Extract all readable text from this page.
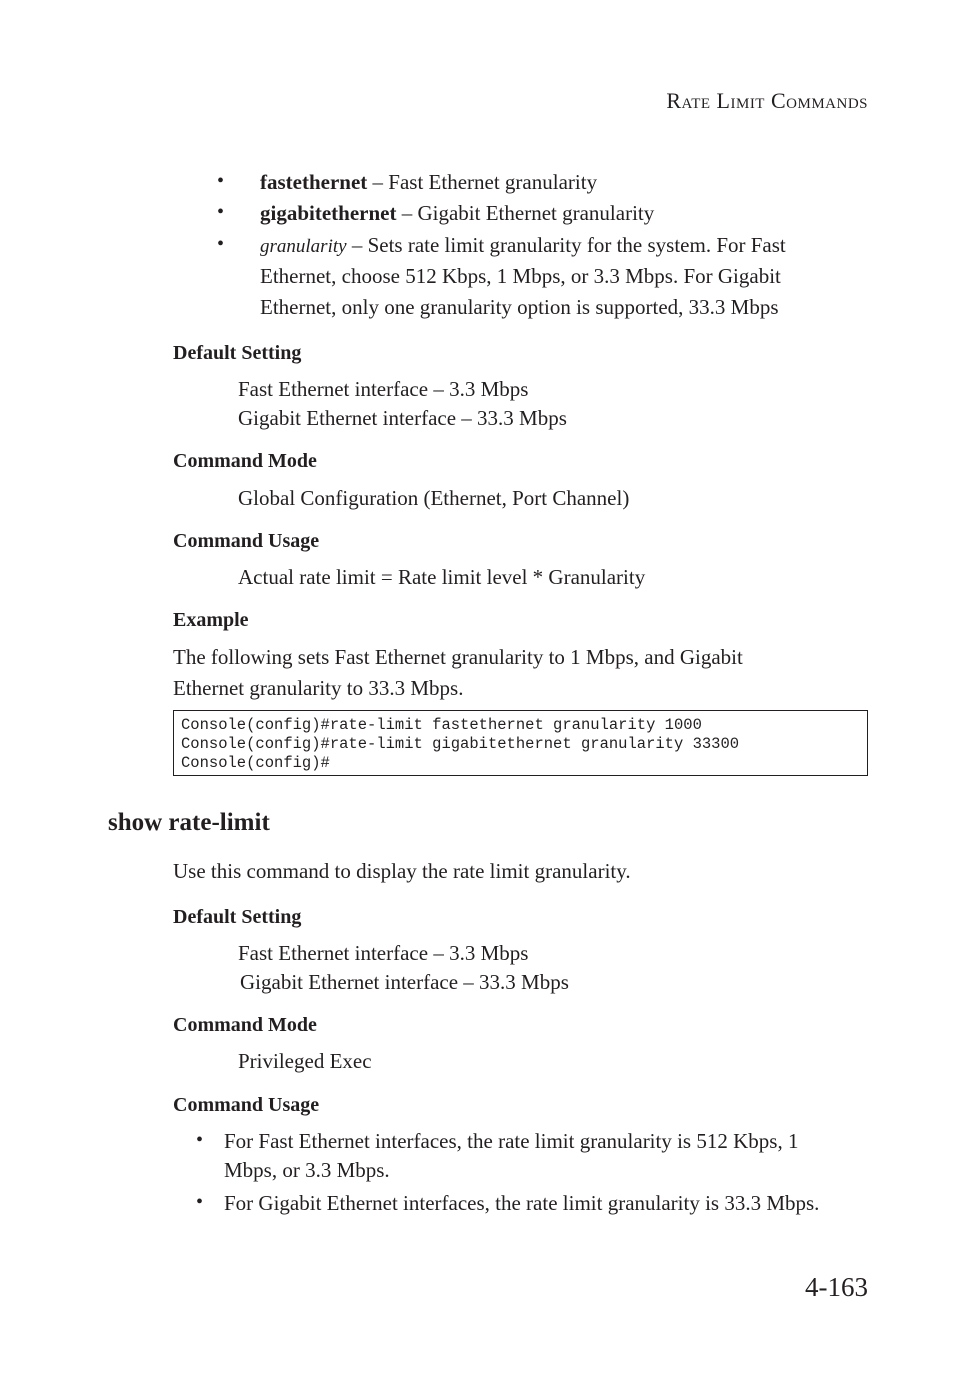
Rate Limit Commands
• fastethernet – Fast Ethernet granularity
• gigabitethernet – Gigabit Ethernet granularity
• granularity – Sets rate limit granularity for the system. For Fast
Ethernet, choose 512 Kbps, 1 Mbps, or 3.3 Mbps. For Gigabit
Ethernet, only one granularity option is supported, 33.3 Mbps
Default Setting
Fast Ethernet interface – 3.3 Mbps
Gigabit Ethernet interface – 33.3 Mbps
Command Mode
Global Configuration (Ethernet, Port Channel)
Command Usage
Actual rate limit = Rate limit level * Granularity
Example
The following sets Fast Ethernet granularity to 1 Mbps, and Gigabit
Ethernet granularity to 33.3 Mbps.
Console(config)#rate-limit fastethernet granularity 1000
Console(config)#rate-limit gigabitethernet granularity 33300
Console(config)#
show rate-limit
Use this command to display the rate limit granularity.
Default Setting
Fast Ethernet interface – 3.3 Mbps
Gigabit Ethernet interface – 33.3 Mbps
Command Mode
Privileged Exec
Command Usage
• For Fast Ethernet interfaces, the rate limit granularity is 512 Kbps, 1
Mbps, or 3.3 Mbps.
• For Gigabit Ethernet interfaces, the rate limit granularity is 33.3 Mbps.
4-163
